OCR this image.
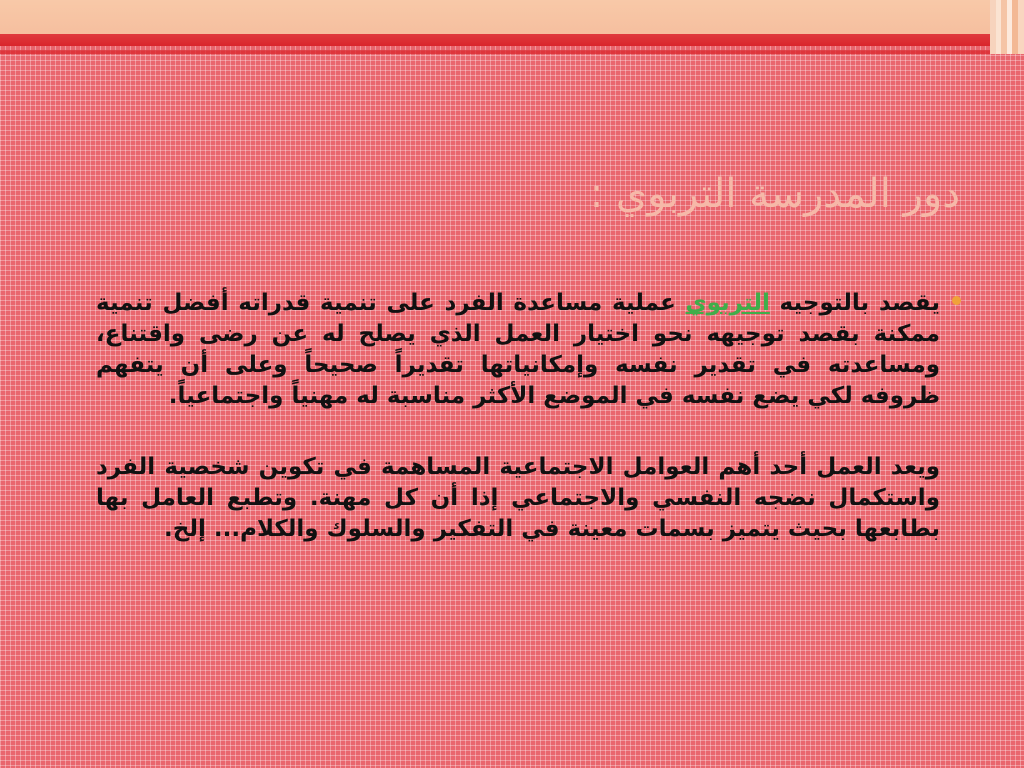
دور المدرسة التربوي :

يقصد بالتوجيه التربوي عملية مساعدة الفرد على تنمية قدراته أفضل تنمية ممكنة بقصد توجيهه نحو اختيار العمل الذي يصلح له عن رضى واقتناع، ومساعدته في تقدير نفسه وإمكانياتها تقديراً صحيحاً وعلى أن يتفهم ظروفه لكي يضع نفسه في الموضع الأكثر مناسبة له مهنياً واجتماعياً.

ويعد العمل أحد أهم العوامل الاجتماعية المساهمة في تكوين شخصية الفرد واستكمال نضجه النفسي والاجتماعي إذا أن كل مهنة. وتطبع العامل بها بطابعها بحيث يتميز بسمات معينة في التفكير والسلوك والكلام... إلخ.
